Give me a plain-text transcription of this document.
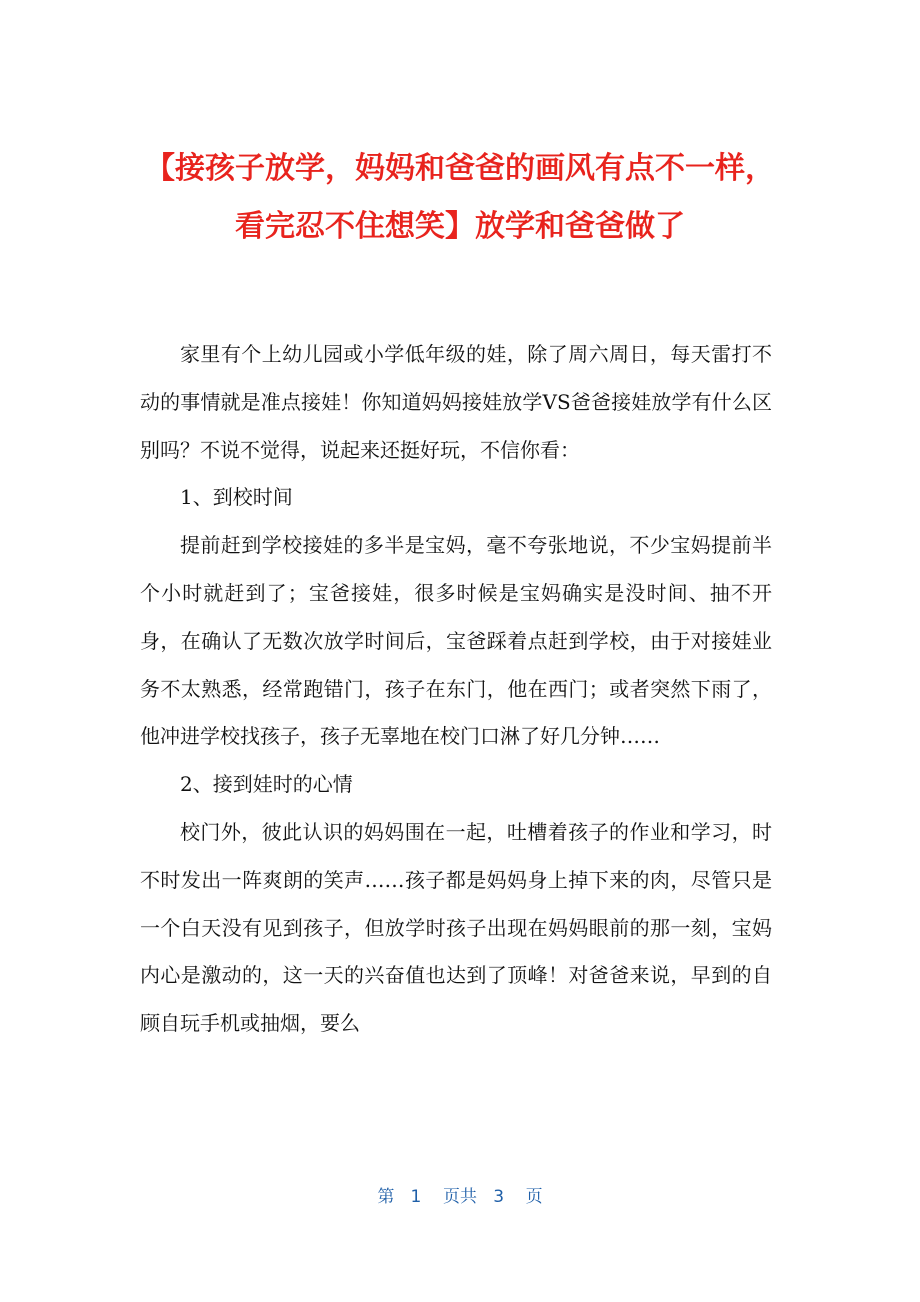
【接孩子放学，妈妈和爸爸的画风有点不一样，看完忍不住想笑】放学和爸爸做了

家里有个上幼儿园或小学低年级的娃，除了周六周日，每天雷打不动的事情就是准点接娃！你知道妈妈接娃放学VS爸爸接娃放学有什么区别吗？不说不觉得，说起来还挺好玩，不信你看：

1、到校时间

提前赶到学校接娃的多半是宝妈，毫不夸张地说，不少宝妈提前半个小时就赶到了；宝爸接娃，很多时候是宝妈确实是没时间、抽不开身，在确认了无数次放学时间后，宝爸踩着点赶到学校，由于对接娃业务不太熟悉，经常跑错门，孩子在东门，他在西门；或者突然下雨了，他冲进学校找孩子，孩子无辜地在校门口淋了好几分钟……

2、接到娃时的心情

校门外，彼此认识的妈妈围在一起，吐槽着孩子的作业和学习，时不时发出一阵爽朗的笑声……孩子都是妈妈身上掉下来的肉，尽管只是一个白天没有见到孩子，但放学时孩子出现在妈妈眼前的那一刻，宝妈内心是激动的，这一天的兴奋值也达到了顶峰！对爸爸来说，早到的自顾自玩手机或抽烟，要么

第 1 页共 3 页
